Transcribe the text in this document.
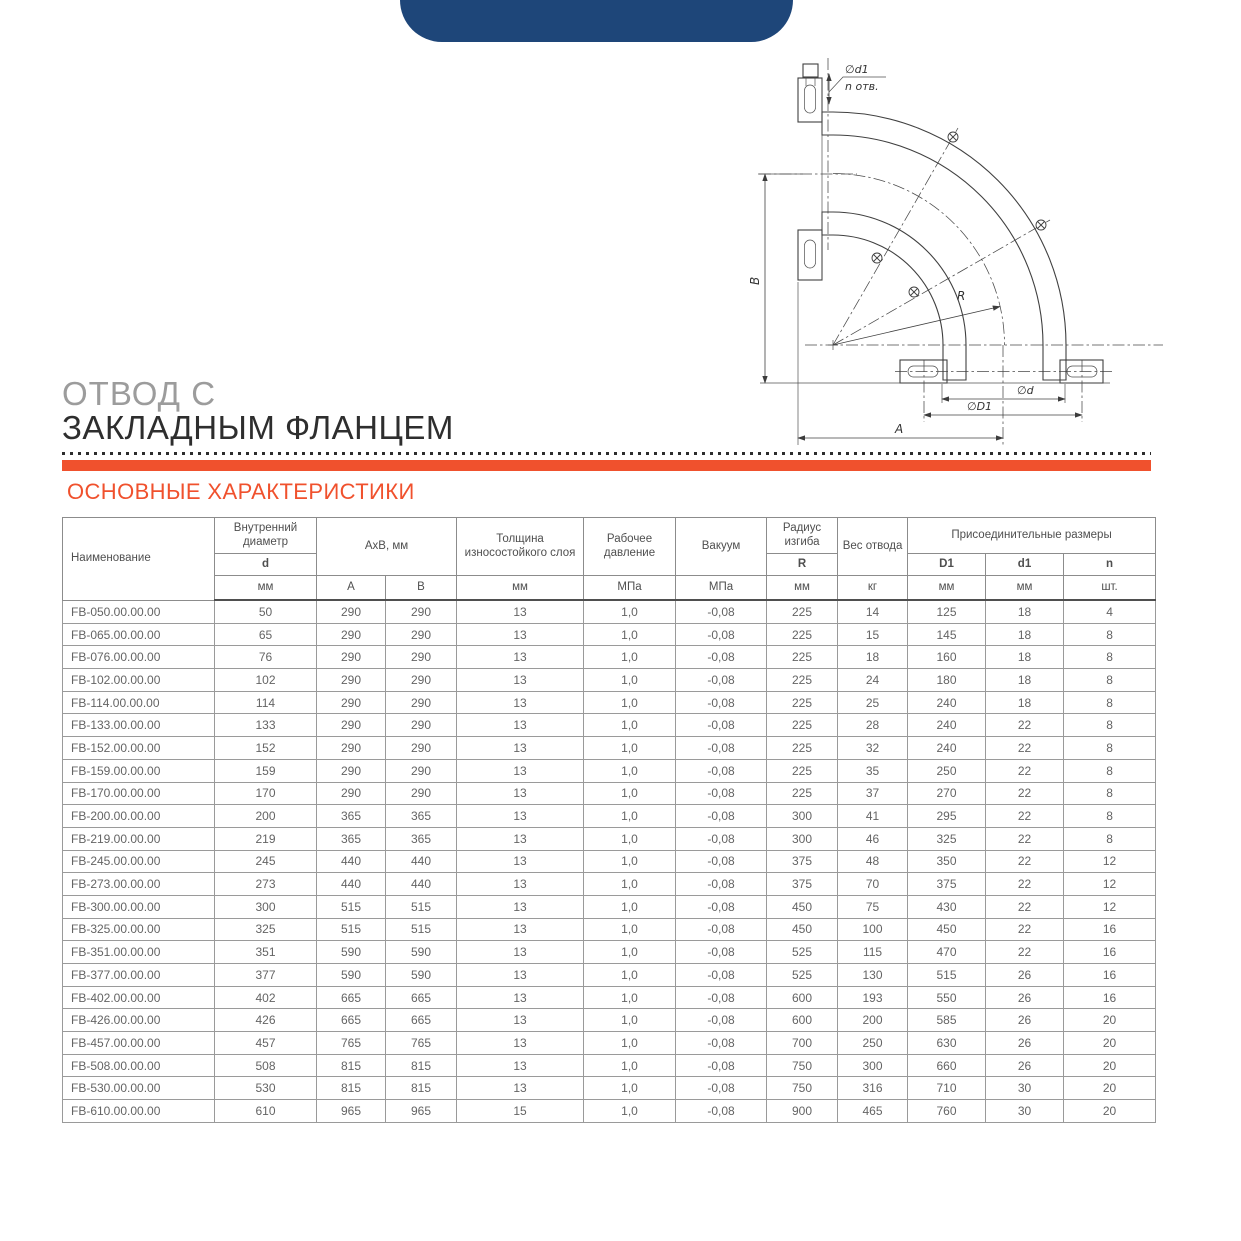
R
B
A
∅D1
∅d
∅d1
n отв.
ОТВОД С
ЗАКЛАДНЫМ ФЛАНЦЕМ
ОСНОВНЫЕ ХАРАКТЕРИСТИКИ
Наименование	Внутренний диаметр	АхВ, мм		Толщина износостойкого слоя	Рабочее давление	Вакуум	Радиус изгиба	Вес отвода	Присоединительные размеры		
	d						R		D1	d1	n
	мм	А	В	мм	МПа	МПа	мм	кг	мм	мм	шт.
FB-050.00.00.00	50	290	290	13	1,0	-0,08	225	14	125	18	4
FB-065.00.00.00	65	290	290	13	1,0	-0,08	225	15	145	18	8
FB-076.00.00.00	76	290	290	13	1,0	-0,08	225	18	160	18	8
FB-102.00.00.00	102	290	290	13	1,0	-0,08	225	24	180	18	8
FB-114.00.00.00	114	290	290	13	1,0	-0,08	225	25	240	18	8
FB-133.00.00.00	133	290	290	13	1,0	-0,08	225	28	240	22	8
FB-152.00.00.00	152	290	290	13	1,0	-0,08	225	32	240	22	8
FB-159.00.00.00	159	290	290	13	1,0	-0,08	225	35	250	22	8
FB-170.00.00.00	170	290	290	13	1,0	-0,08	225	37	270	22	8
FB-200.00.00.00	200	365	365	13	1,0	-0,08	300	41	295	22	8
FB-219.00.00.00	219	365	365	13	1,0	-0,08	300	46	325	22	8
FB-245.00.00.00	245	440	440	13	1,0	-0,08	375	48	350	22	12
FB-273.00.00.00	273	440	440	13	1,0	-0,08	375	70	375	22	12
FB-300.00.00.00	300	515	515	13	1,0	-0,08	450	75	430	22	12
FB-325.00.00.00	325	515	515	13	1,0	-0,08	450	100	450	22	16
FB-351.00.00.00	351	590	590	13	1,0	-0,08	525	115	470	22	16
FB-377.00.00.00	377	590	590	13	1,0	-0,08	525	130	515	26	16
FB-402.00.00.00	402	665	665	13	1,0	-0,08	600	193	550	26	16
FB-426.00.00.00	426	665	665	13	1,0	-0,08	600	200	585	26	20
FB-457.00.00.00	457	765	765	13	1,0	-0,08	700	250	630	26	20
FB-508.00.00.00	508	815	815	13	1,0	-0,08	750	300	660	26	20
FB-530.00.00.00	530	815	815	13	1,0	-0,08	750	316	710	30	20
FB-610.00.00.00	610	965	965	15	1,0	-0,08	900	465	760	30	20
